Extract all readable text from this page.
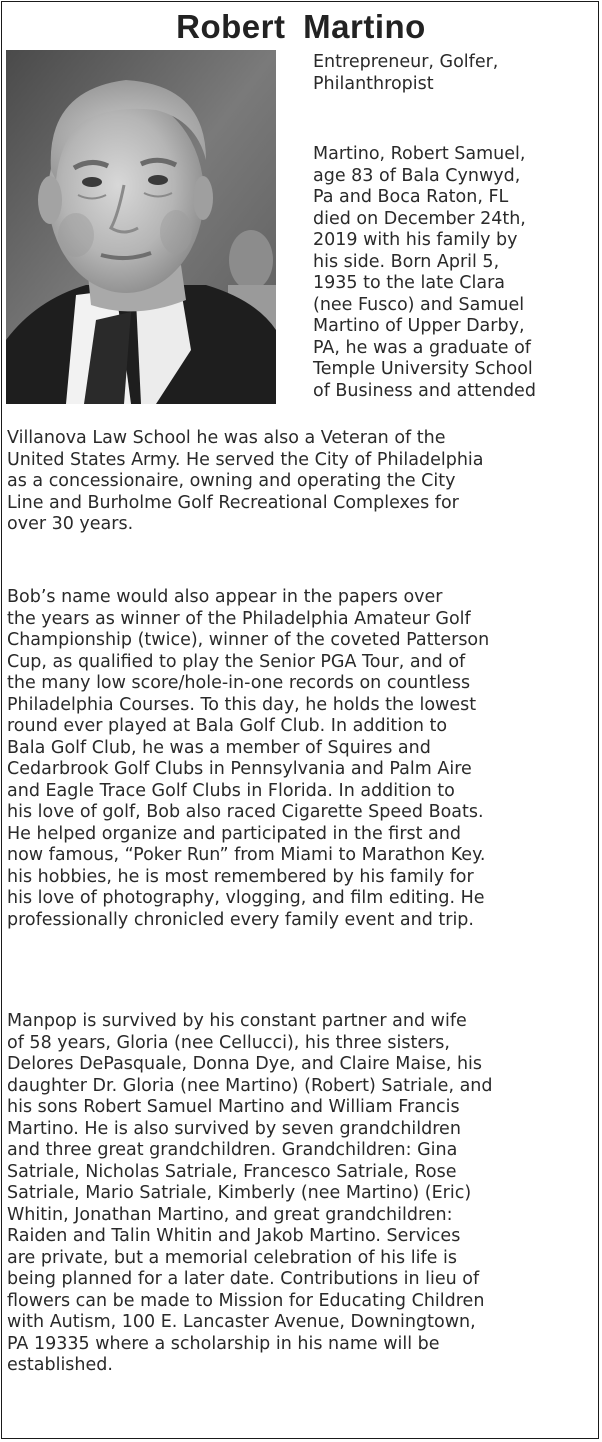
Robert Martino
Entrepreneur, Golfer,
Philanthropist
Martino, Robert Samuel,
age 83 of Bala Cynwyd,
Pa and Boca Raton, FL
died on December 24th,
2019 with his family by
his side. Born April 5,
1935 to the late Clara
(nee Fusco) and Samuel
Martino of Upper Darby,
PA, he was a graduate of
Temple University School
of Business and attended
Villanova Law School he was also a Veteran of the
United States Army. He served the City of Philadelphia
as a concessionaire, owning and operating the City
Line and Burholme Golf Recreational Complexes for
over 30 years.
Bob’s name would also appear in the papers over
the years as winner of the Philadelphia Amateur Golf
Championship (twice), winner of the coveted Patterson
Cup, as qualified to play the Senior PGA Tour, and of
the many low score/hole-in-one records on countless
Philadelphia Courses. To this day, he holds the lowest
round ever played at Bala Golf Club. In addition to
Bala Golf Club, he was a member of Squires and
Cedarbrook Golf Clubs in Pennsylvania and Palm Aire
and Eagle Trace Golf Clubs in Florida. In addition to
his love of golf, Bob also raced Cigarette Speed Boats.
He helped organize and participated in the first and
now famous, “Poker Run” from Miami to Marathon Key.
his hobbies, he is most remembered by his family for
his love of photography, vlogging, and film editing. He
professionally chronicled every family event and trip.
Manpop is survived by his constant partner and wife
of 58 years, Gloria (nee Cellucci), his three sisters,
Delores DePasquale, Donna Dye, and Claire Maise, his
daughter Dr. Gloria (nee Martino) (Robert) Satriale, and
his sons Robert Samuel Martino and William Francis
Martino. He is also survived by seven grandchildren
and three great grandchildren. Grandchildren: Gina
Satriale, Nicholas Satriale, Francesco Satriale, Rose
Satriale, Mario Satriale, Kimberly (nee Martino) (Eric)
Whitin, Jonathan Martino, and great grandchildren:
Raiden and Talin Whitin and Jakob Martino. Services
are private, but a memorial celebration of his life is
being planned for a later date. Contributions in lieu of
flowers can be made to Mission for Educating Children
with Autism, 100 E. Lancaster Avenue, Downingtown,
PA 19335 where a scholarship in his name will be
established.
